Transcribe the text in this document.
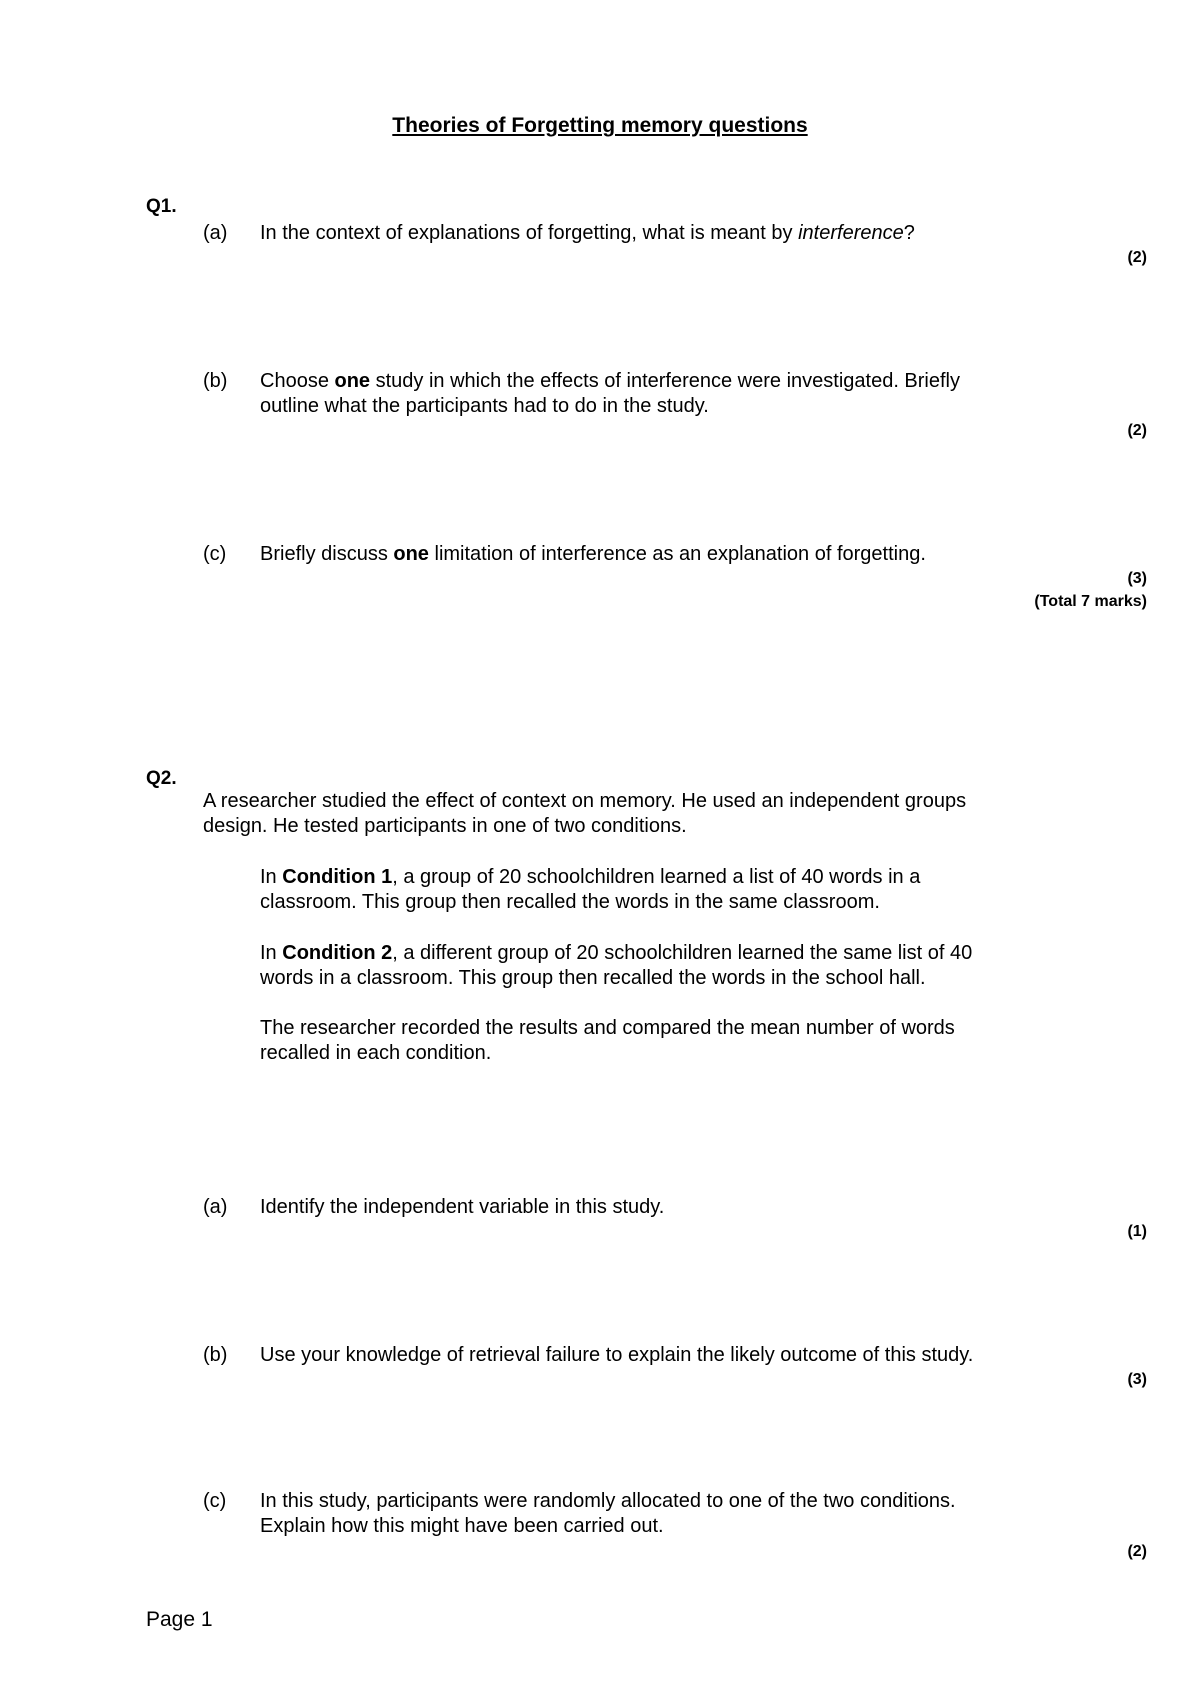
Theories of Forgetting memory questions
Q1.
(a) In the context of explanations of forgetting, what is meant by interference?
(2)
(b) Choose one study in which the effects of interference were investigated. Briefly
outline what the participants had to do in the study.
(2)
(c) Briefly discuss one limitation of interference as an explanation of forgetting.
(3)
(Total 7 marks)
Q2.
A researcher studied the effect of context on memory. He used an independent groups
design. He tested participants in one of two conditions.
In Condition 1, a group of 20 schoolchildren learned a list of 40 words in a
classroom. This group then recalled the words in the same classroom.
In Condition 2, a different group of 20 schoolchildren learned the same list of 40
words in a classroom. This group then recalled the words in the school hall.
The researcher recorded the results and compared the mean number of words
recalled in each condition.
(a) Identify the independent variable in this study.
(1)
(b) Use your knowledge of retrieval failure to explain the likely outcome of this study.
(3)
(c) In this study, participants were randomly allocated to one of the two conditions.
Explain how this might have been carried out.
(2)
Page 1
